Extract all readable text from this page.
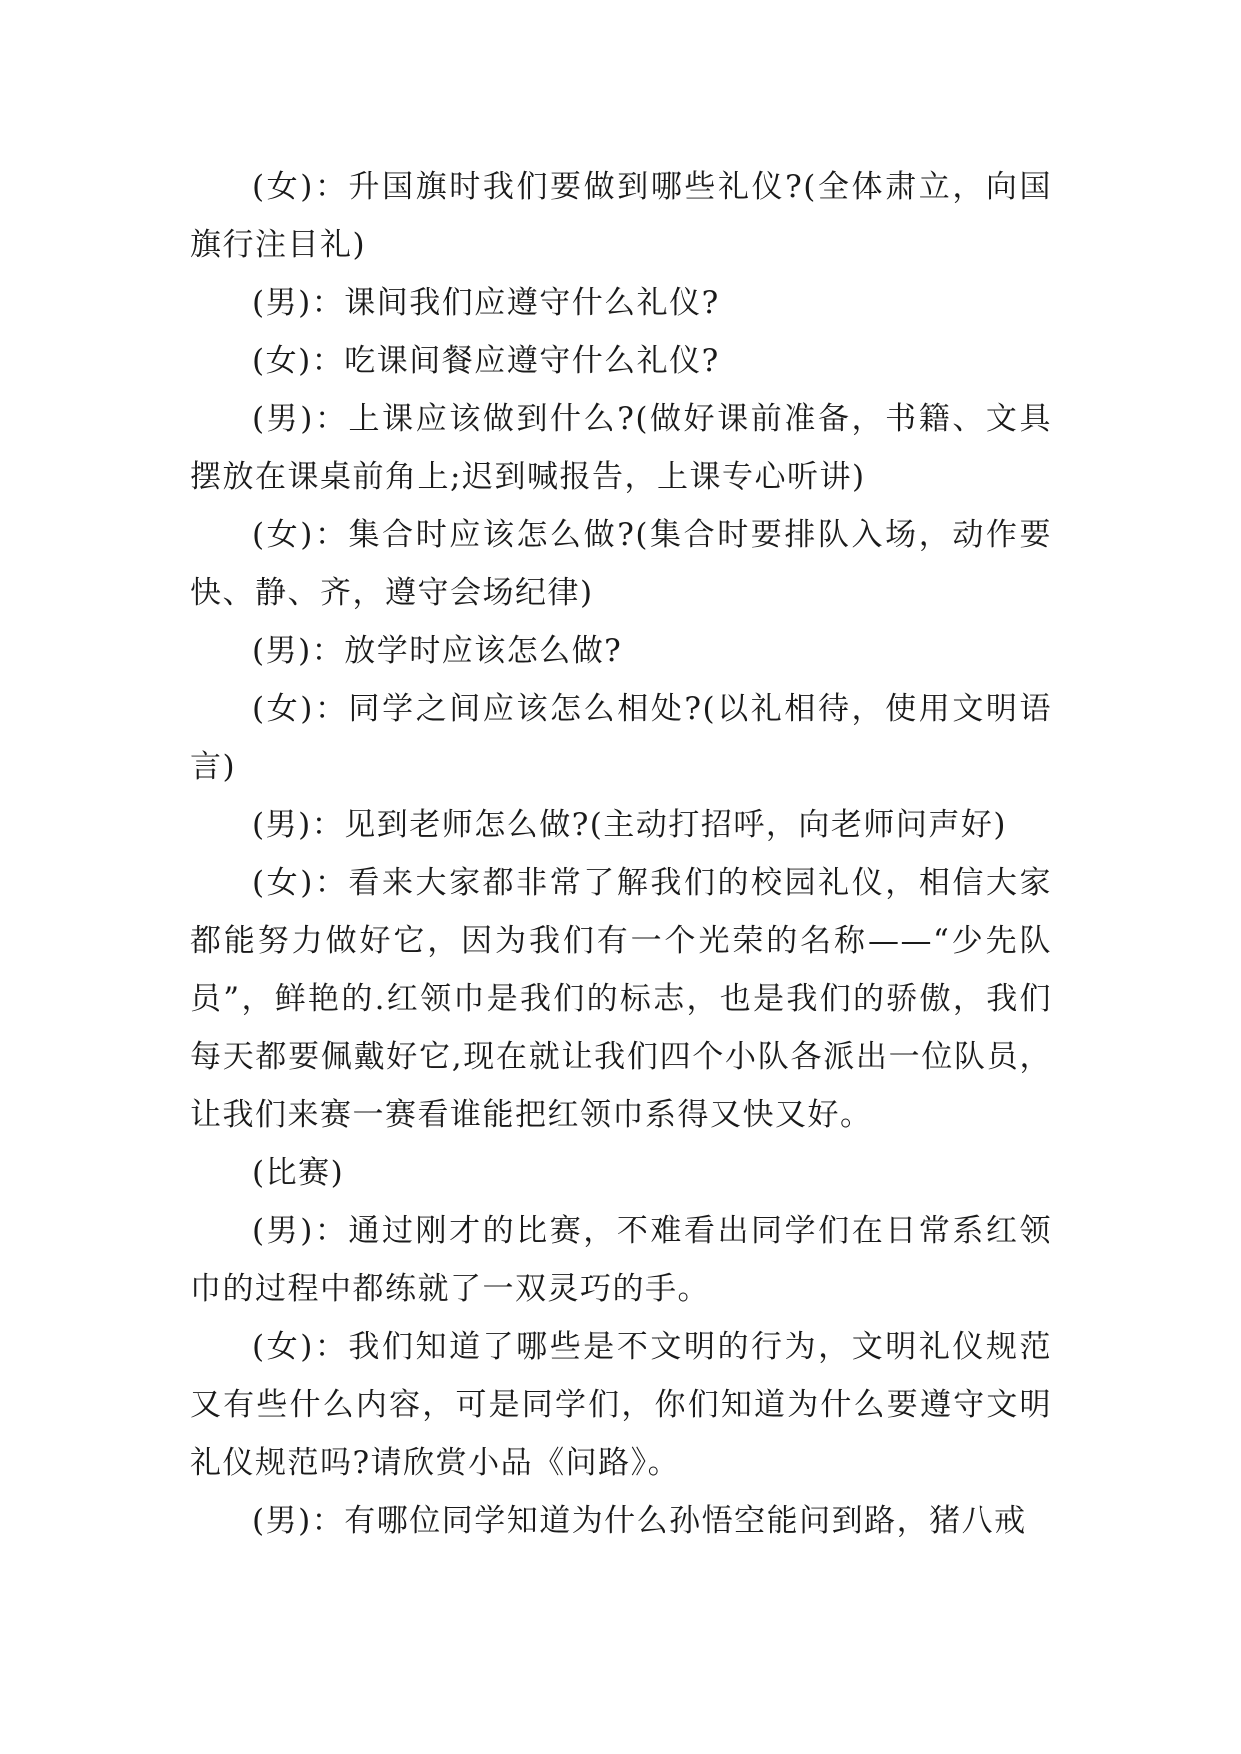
(女)：升国旗时我们要做到哪些礼仪?(全体肃立，向国旗行注目礼)

(男)：课间我们应遵守什么礼仪?

(女)：吃课间餐应遵守什么礼仪?

(男)：上课应该做到什么?(做好课前准备，书籍、文具摆放在课桌前角上;迟到喊报告，上课专心听讲)

(女)：集合时应该怎么做?(集合时要排队入场，动作要快、静、齐，遵守会场纪律)

(男)：放学时应该怎么做?

(女)：同学之间应该怎么相处?(以礼相待，使用文明语言)

(男)：见到老师怎么做?(主动打招呼，向老师问声好)

(女)：看来大家都非常了解我们的校园礼仪，相信大家都能努力做好它，因为我们有一个光荣的名称——“少先队员”，鲜艳的.红领巾是我们的标志，也是我们的骄傲，我们每天都要佩戴好它,现在就让我们四个小队各派出一位队员，让我们来赛一赛看谁能把红领巾系得又快又好。

(比赛)

(男)：通过刚才的比赛，不难看出同学们在日常系红领巾的过程中都练就了一双灵巧的手。

(女)：我们知道了哪些是不文明的行为，文明礼仪规范又有些什么内容，可是同学们，你们知道为什么要遵守文明礼仪规范吗?请欣赏小品《问路》。

(男)：有哪位同学知道为什么孙悟空能问到路，猪八戒
